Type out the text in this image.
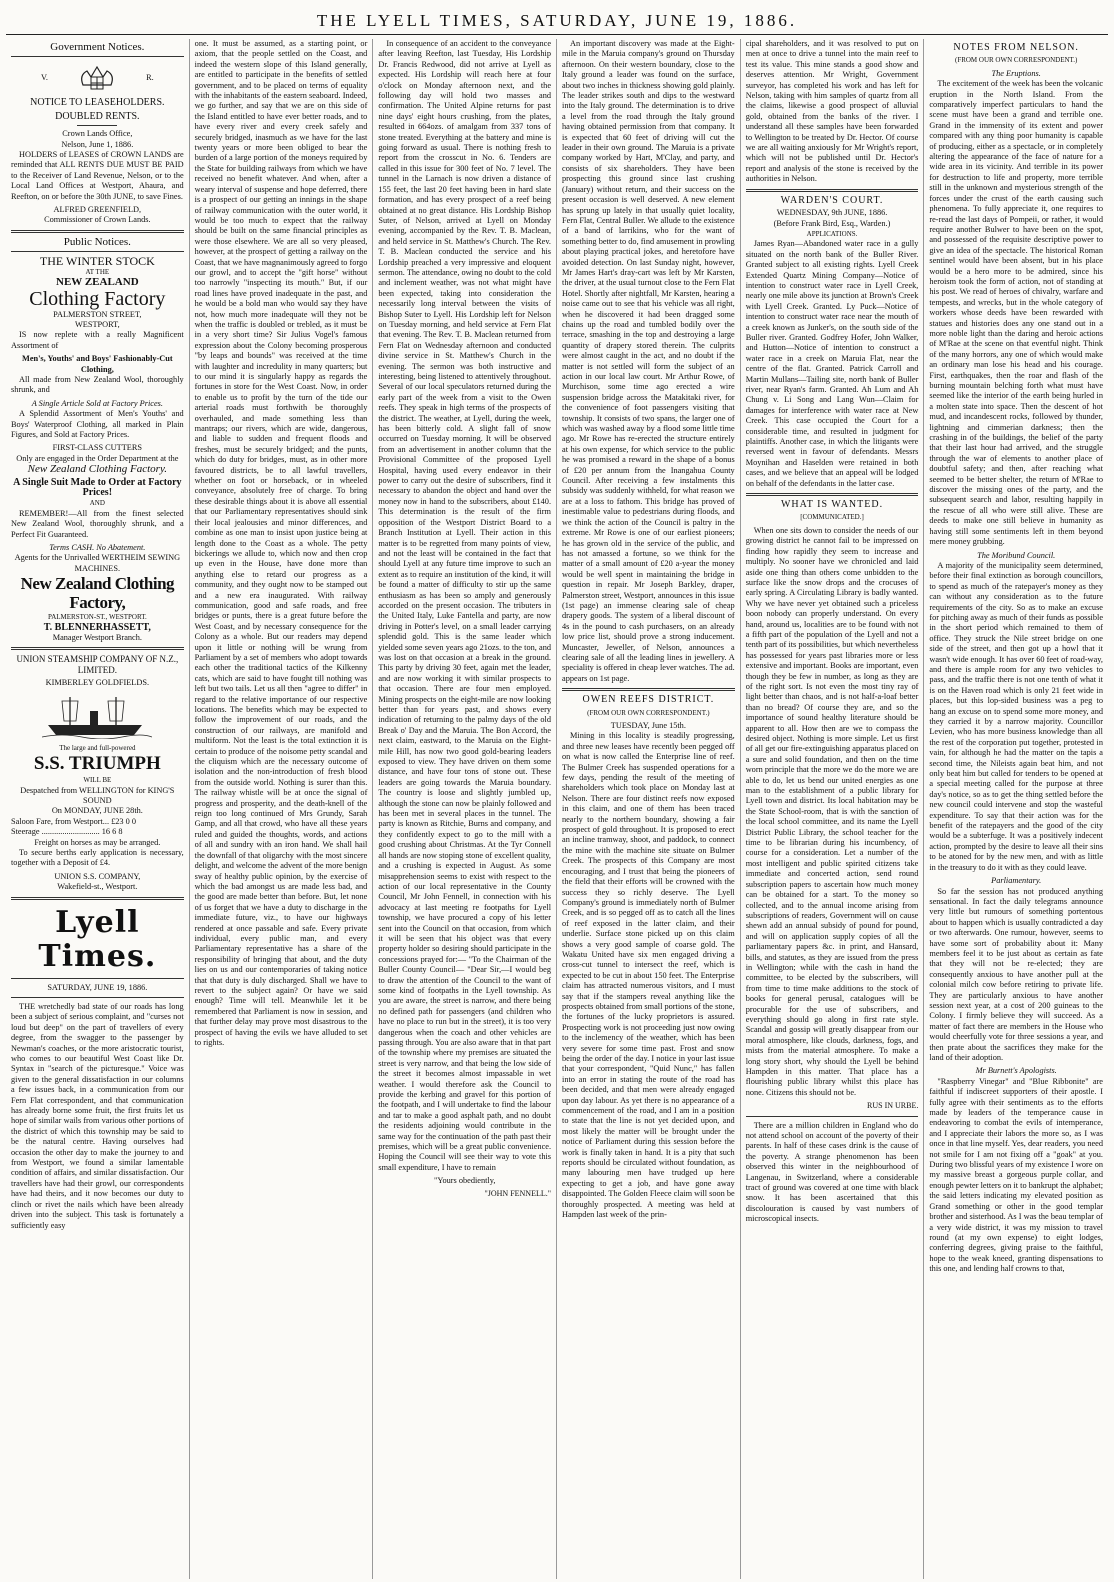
THE LYELL TIMES, SATURDAY, JUNE 19, 1886.
Government Notices.
V.	R.
NOTICE TO LEASEHOLDERS.
DOUBLED RENTS.
Crown Lands Office,
Nelson, June 1, 1886.

HOLDERS of LEASES of CROWN LANDS are reminded that ALL RENTS DUE MUST BE PAID to the Receiver of Land Revenue, Nelson, or to the Local Land Offices at Westport, Ahaura, and Reefton, on or before the 30th JUNE, to save Fines.

ALFRED GREENFIELD,
Commissioner of Crown Lands.
Public Notices.
THE WINTER STOCK
AT THE
NEW ZEALAND
Clothing Factory
PALMERSTON STREET,
WESTPORT,

IS now replete with a really Magnificent Assortment of

Men's, Youths' and Boys' Fashionably-Cut Clothing,

All made from New Zealand Wool, thoroughly shrunk, and

A Single Article Sold at Factory Prices.

A Splendid Assortment of Men's Youths' and Boys' Waterproof Clothing, all marked in Plain Figures, and Sold at Factory Prices.

FIRST-CLASS CUTTERS
Only are engaged in the Order Department at the
New Zealand Clothing Factory.
A Single Suit Made to Order at Factory Prices!
AND

REMEMBER!—All from the finest selected New Zealand Wool, thoroughly shrunk, and a Perfect Fit Guaranteed.

Terms CASH. No Abatement.
Agents for the Unrivalled WERTHEIM SEWING MACHINES.
New Zealand Clothing Factory,
PALMERSTON-ST., WESTPORT.
T. BLENNERHASSETT,
Manager Westport Branch.
UNION STEAMSHIP COMPANY OF N.Z., LIMITED.
KIMBERLEY GOLDFIELDS.
The large and full-powered
S.S. TRIUMPH
WILL BE
Despatched from WELLINGTON for KING'S SOUND
On MONDAY, JUNE 28th.
Saloon Fare, from Westport... £23 0 0
Steerage ............................ 16 6 8
Freight on horses as may be arranged.

To secure berths early application is necessary, together with a Deposit of £4.

UNION S.S. COMPANY,
Wakefield-st., Westport.
Lyell Times.
SATURDAY, JUNE 19, 1886.

THE wretchedly bad state of our roads has long been a subject of serious complaint, and "curses not loud but deep" on the part of travellers of every degree, from the swagger to the passenger by Newman's coaches, or the more aristocratic tourist, who comes to our beautiful West Coast like Dr. Syntax in "search of the picturesque." Voice was given to the general dissatisfaction in our columns a few issues back, in a communication from our Fern Flat correspondent, and that communication has already borne some fruit, the first fruits let us hope of similar wails from various other portions of the district of which this township may be said to be the natural centre. Having ourselves had occasion the other day to make the journey to and from Westport, we found a similar lamentable condition of affairs, and similar dissatisfaction. Our travellers have had their growl, our correspondents have had theirs, and it now becomes our duty to clinch or rivet the nails which have been already driven into the subject. This task is fortunately a sufficiently easy

one. It must be assumed, as a starting point, or axiom, that the people settled on the Coast, and indeed the western slope of this Island generally, are entitled to participate in the benefits of settled government, and to be placed on terms of equality with the inhabitants of the eastern seaboard. Indeed, we go further, and say that we are on this side of the Island entitled to have ever better roads, and to have every river and every creek safely and securely bridged, inasmuch as we have for the last twenty years or more been obliged to bear the burden of a large portion of the moneys required by the State for building railways from which we have received no benefit whatever. And when, after a weary interval of suspense and hope deferred, there is a prospect of our getting an innings in the shape of railway communication with the outer world, it would be too much to expect that the railway should be built on the same financial principles as were those elsewhere. We are all so very pleased, however, at the prospect of getting a railway on the Coast, that we have magnanimously agreed to forgo our growl, and to accept the "gift horse" without too narrowly "inspecting its mouth." But, if our road lines have proved inadequate in the past, and he would be a bold man who would say they have not, how much more inadequate will they not be when the traffic is doubled or trebled, as it must be in a very short time? Sir Julius Vogel's famous expression about the Colony becoming prosperous "by leaps and bounds" was received at the time with laughter and incredulity in many quarters; but to our mind it is singularly happy as regards the fortunes in store for the West Coast. Now, in order to enable us to profit by the turn of the tide our arterial roads must forthwith be thoroughly overhauled, and made something less than mantraps; our rivers, which are wide, dangerous, and liable to sudden and frequent floods and freshes, must be securely bridged; and the punts, which do duty for bridges, must, as in other more favoured districts, be to all lawful travellers, whether on foot or horseback, or in wheeled conveyance, absolutely free of charge. To bring these desirable things about it is above all essential that our Parliamentary representatives should sink their local jealousies and minor differences, and combine as one man to insist upon justice being at length done to the Coast as a whole. The petty bickerings we allude to, which now and then crop up even in the House, have done more than anything else to retard our progress as a community, and they ought now to be stamped out and a new era inaugurated. With railway communication, good and safe roads, and free bridges or punts, there is a great future before the West Coast, and by necessary consequence for the Colony as a whole. But our readers may depend upon it little or nothing will be wrung from Parliament by a set of members who adopt towards each other the traditional tactics of the Kilkenny cats, which are said to have fought till nothing was left but two tails. Let us all then "agree to differ" in regard to the relative importance of our respective locations. The benefits which may be expected to follow the improvement of our roads, and the construction of our railways, are manifold and multiform. Not the least is the total extinction it is certain to produce of the noisome petty scandal and the cliquism which are the necessary outcome of isolation and the non-introduction of fresh blood from the outside world. Nothing is surer than this. The railway whistle will be at once the signal of progress and prosperity, and the death-knell of the reign too long continued of Mrs Grundy, Sarah Gamp, and all that crowd, who have all these years ruled and guided the thoughts, words, and actions of all and sundry with an iron hand. We shall hail the downfall of that oligarchy with the most sincere delight, and welcome the advent of the more benign sway of healthy public opinion, by the exercise of which the bad amongst us are made less bad, and the good are made better than before. But, let none of us forget that we have a duty to discharge in the immediate future, viz., to have our highways rendered at once passable and safe. Every private individual, every public man, and every Parliamentary representative has a share of the responsibility of bringing that about, and the duty lies on us and our contemporaries of taking notice that that duty is duly discharged. Shall we have to revert to the subject again? Or have we said enough? Time will tell. Meanwhile let it be remembered that Parliament is now in session, and that further delay may prove most disastrous to the prospect of having the evils we have alluded to set to rights.

In consequence of an accident to the conveyance after leaving Reefton, last Tuesday, His Lordship Dr. Francis Redwood, did not arrive at Lyell as expected. His Lordship will reach here at four o'clock on Monday afternoon next, and the following day will hold two masses and confirmation. The United Alpine returns for past nine days' eight hours crushing, from the plates, resulted in 664ozs. of amalgam from 337 tons of stone treated. Everything at the battery and mine is going forward as usual. There is nothing fresh to report from the crosscut in No. 6. Tenders are called in this issue for 300 feet of No. 7 level. The tunnel in the Larnach is now driven a distance of 155 feet, the last 20 feet having been in hard slate formation, and has every prospect of a reef being obtained at no great distance. His Lordship Bishop Suter, of Nelson, arrived at Lyell on Monday evening, accompanied by the Rev. T. B. Maclean, and held service in St. Matthew's Church. The Rev. T. B. Maclean conducted the service and his Lordship preached a very impressive and eloquent sermon. The attendance, owing no doubt to the cold and inclement weather, was not what might have been expected, taking into consideration the necessarily long interval between the visits of Bishop Suter to Lyell. His Lordship left for Nelson on Tuesday morning, and held service at Fern Flat that evening. The Rev. T. B. Maclean returned from Fern Flat on Wednesday afternoon and conducted divine service in St. Matthew's Church in the evening. The sermon was both instructive and interesting, being listened to attentively throughout. Several of our local speculators returned during the early part of the week from a visit to the Owen reefs. They speak in high terms of the prospects of the district. The weather, at Lyell, during the week, has been bitterly cold. A slight fall of snow occurred on Tuesday morning. It will be observed from an advertisement in another column that the Provisional Committee of the proposed Lyell Hospital, having used every endeavor in their power to carry out the desire of subscribers, find it necessary to abandon the object and hand over the money now in hand to the subscribers, about £140. This determination is the result of the firm opposition of the Westport District Board to a Branch Institution at Lyell. Their action in this matter is to be regretted from many points of view, and not the least will be contained in the fact that should Lyell at any future time improve to such an extent as to require an institution of the kind, it will be found a matter of difficulty to stir up the same enthusiasm as has been so amply and generously accorded on the present occasion. The tributers in the United Italy, Luke Fantella and party, are now driving in Potter's level, on a small leader carrying splendid gold. This is the same leader which yielded some seven years ago 21ozs. to the ton, and was lost on that occasion at a break in the ground. This party by driving 30 feet, again met the leader, and are now working it with similar prospects to that occasion. There are four men employed. Mining prospects on the eight-mile are now looking better than for years past, and shows every indication of returning to the palmy days of the old Break o' Day and the Maruia. The Bon Accord, the next claim, eastward, to the Maruia on the Eight-mile Hill, has now two good gold-bearing leaders exposed to view. They have driven on them some distance, and have four tons of stone out. These leaders are going towards the Maruia boundary. The country is loose and slightly jumbled up, although the stone can now be plainly followed and has been met in several places in the tunnel. The party is known as Ritchie, Burns and company, and they confidently expect to go to the mill with a good crushing about Christmas. At the Tyr Connell all hands are now stoping stone of excellent quality, and a crushing is expected in August. As some misapprehension seems to exist with respect to the action of our local representative in the County Council, Mr John Fennell, in connection with his advocacy at last meeting re footpaths for Lyell township, we have procured a copy of his letter sent into the Council on that occasion, from which it will be seen that his object was that every property holder so desiring should participate in the concessions prayed for:— "To the Chairman of the Buller County Council— "Dear Sir,—I would beg to draw the attention of the Council to the want of some kind of footpaths in the Lyell township. As you are aware, the street is narrow, and there being no defined path for passengers (and children who have no place to run but in the street), it is too very dangerous when the coach and other vehicles are passing through. You are also aware that in that part of the township where my premises are situated the street is very narrow, and that being the low side of the street it becomes almost impassable in wet weather. I would therefore ask the Council to provide the kerbing and gravel for this portion of the footpath, and I will undertake to find the labour and tar to make a good asphalt path, and no doubt the residents adjoining would contribute in the same way for the continuation of the path past their premises, which will be a great public convenience. Hoping the Council will see their way to vote this small expenditure, I have to remain

"Yours obediently,
"JOHN FENNELL."

An important discovery was made at the Eight-mile in the Maruia company's ground on Thursday afternoon. On their western boundary, close to the Italy ground a leader was found on the surface, about two inches in thickness showing gold plainly. The leader strikes south and dips to the westward into the Italy ground. The determination is to drive a level from the road through the Italy ground having obtained permission from that company. It is expected that 60 feet of driving will cut the leader in their own ground. The Maruia is a private company worked by Hart, M'Clay, and party, and consists of six shareholders. They have been prospecting this ground since last crushing (January) without return, and their success on the present occasion is well deserved. A new element has sprung up lately in that usually quiet locality, Fern Flat, Central Buller. We allude to the existence of a band of larrikins, who for the want of something better to do, find amusement in prowling about playing practical jokes, and heretofore have avoided detection. On last Sunday night, however, Mr James Hart's dray-cart was left by Mr Karsten, the driver, at the usual turnout close to the Fern Flat Hotel. Shortly after nightfall, Mr Karsten, hearing a noise came out to see that his vehicle was all right, when he discovered it had been dragged some chains up the road and tumbled bodily over the terrace, smashing in the top and destroying a large quantity of drapery stored therein. The culprits were almost caught in the act, and no doubt if the matter is not settled will form the subject of an action in our local law court. Mr Arthur Rowe, of Murchison, some time ago erected a wire suspension bridge across the Matakitaki river, for the convenience of foot passengers visiting that township. It consists of two spans, the larger one of which was washed away by a flood some little time ago. Mr Rowe has re-erected the structure entirely at his own expense, for which service to the public he was promised a reward in the shape of a bonus of £20 per annum from the Inangahua County Council. After receiving a few instalments this subsidy was suddenly withheld, for what reason we are at a loss to fathom. This bridge has proved of inestimable value to pedestrians during floods, and we think the action of the Council is paltry in the extreme. Mr Rowe is one of our earliest pioneers; he has grown old in the service of the public, and has not amassed a fortune, so we think for the matter of a small amount of £20 a-year the money would be well spent in maintaining the bridge in question in repair. Mr Joseph Barkley, draper, Palmerston street, Westport, announces in this issue (1st page) an immense clearing sale of cheap drapery goods. The system of a liberal discount of 4s in the pound to cash purchasers, on an already low price list, should prove a strong inducement. Muncaster, Jeweller, of Nelson, announces a clearing sale of all the leading lines in jewellery. A speciality is offered in cheap lever watches. The ad. appears on 1st page.

OWEN REEFS DISTRICT.
(FROM OUR OWN CORRESPONDENT.)
TUESDAY, June 15th.

Mining in this locality is steadily progressing, and three new leases have recently been pegged off on what is now called the Enterprise line of reef. The Bulmer Creek has suspended operations for a few days, pending the result of the meeting of shareholders which took place on Monday last at Nelson. There are four distinct reefs now exposed in this claim, and one of them has been traced nearly to the northern boundary, showing a fair prospect of gold throughout. It is proposed to erect an incline tramway, shoot, and paddock, to connect the mine with the machine site situate on Bulmer Creek. The prospects of this Company are most encouraging, and I trust that being the pioneers of the field that their efforts will be crowned with the success they so richly deserve. The Lyell Company's ground is immediately north of Bulmer Creek, and is so pegged off as to catch all the lines of reef exposed in the latter claim, and their underlie. Surface stone picked up on this claim shows a very good sample of coarse gold. The Wakatu United have six men engaged driving a cross-cut tunnel to intersect the reef, which is expected to be cut in about 150 feet. The Enterprise claim has attracted numerous visitors, and I must say that if the stampers reveal anything like the prospects obtained from small portions of the stone, the fortunes of the lucky proprietors is assured. Prospecting work is not proceeding just now owing to the inclemency of the weather, which has been very severe for some time past. Frost and snow being the order of the day. I notice in your last issue that your correspondent, "Quid Nunc," has fallen into an error in stating the route of the road has been decided, and that men were already engaged upon day labour. As yet there is no appearance of a commencement of the road, and I am in a position to state that the line is not yet decided upon, and most likely the matter will be brought under the notice of Parliament during this session before the work is finally taken in hand. It is a pity that such reports should be circulated without foundation, as many labouring men have trudged up here expecting to get a job, and have gone away disappointed. The Golden Fleece claim will soon be thoroughly prospected. A meeting was held at Hampden last week of the prin-

cipal shareholders, and it was resolved to put on men at once to drive a tunnel into the main reef to test its value. This mine stands a good show and deserves attention. Mr Wright, Government surveyor, has completed his work and has left for Nelson, taking with him samples of quartz from all the claims, likewise a good prospect of alluvial gold, obtained from the banks of the river. I understand all these samples have been forwarded to Wellington to be treated by Dr. Hector. Of course we are all waiting anxiously for Mr Wright's report, which will not be published until Dr. Hector's report and analysis of the stone is received by the authorities in Nelson.

WARDEN'S COURT.
WEDNESDAY, 9th JUNE, 1886.
(Before Frank Bird, Esq., Warden.)
APPLICATIONS.

James Ryan—Abandoned water race in a gully situated on the north bank of the Buller River. Granted subject to all existing rights. Lyell Creek Extended Quartz Mining Company—Notice of intention to construct water race in Lyell Creek, nearly one mile above its junction at Brown's Creek with Lyell Creek. Granted. Ly Puck—Notice of intention to construct water race near the mouth of a creek known as Junker's, on the south side of the Buller river. Granted. Godfrey Hofer, John Walker, and Hutton—Notice of intention to construct a water race in a creek on Maruia Flat, near the centre of the flat. Granted. Patrick Carroll and Martin Mullans—Tailing site, north bank of Buller river, near Ryan's farm. Granted. Ah Lum and Ah Chung v. Li Song and Lang Wun—Claim for damages for interference with water race at New Creek. This case occupied the Court for a considerable time, and resulted in judgment for plaintiffs. Another case, in which the litigants were reversed went in favour of defendants. Messrs Moynihan and Haselden were retained in both cases, and we believe that an appeal will be lodged on behalf of the defendants in the latter case.

WHAT IS WANTED.
[COMMUNICATED.]

When one sits down to consider the needs of our growing district he cannot fail to be impressed on finding how rapidly they seem to increase and multiply. No sooner have we chronicled and laid aside one thing than others come unbidden to the surface like the snow drops and the crocuses of early spring. A Circulating Library is badly wanted. Why we have never yet obtained such a priceless boon nobody can properly understand. On every hand, around us, localities are to be found with not a fifth part of the population of the Lyell and not a tenth part of its possibilities, but which nevertheless has possessed for years past libraries more or less extensive and important. Books are important, even though they be few in number, as long as they are of the right sort. Is not even the most tiny ray of light better than chaos, and is not half-a-loaf better than no bread? Of course they are, and so the importance of sound healthy literature should be apparent to all. How then are we to compass the desired object. Nothing is more simple. Let us first of all get our fire-extinguishing apparatus placed on a sure and solid foundation, and then on the time worn principle that the more we do the more we are able to do, let us bend our united energies as one man to the establishment of a public library for Lyell town and district. Its local habitation may be the State School-room, that is with the sanction of the local school committee, and its name the Lyell District Public Library, the school teacher for the time to be librarian during his incumbency, of course for a consideration. Let a number of the most intelligent and public spirited citizens take immediate and concerted action, send round subscription papers to ascertain how much money can be obtained for a start. To the money so collected, and to the annual income arising from subscriptions of readers, Government will on cause shewn add an annual subsidy of pound for pound, and will on application supply copies of all the parliamentary papers &c. in print, and Hansard, bills, and statutes, as they are issued from the press in Wellington; while with the cash in hand the committee, to be elected by the subscribers, will from time to time make additions to the stock of books for general perusal, catalogues will be procurable for the use of subscribers, and everything should go along in first rate style. Scandal and gossip will greatly disappear from our moral atmosphere, like clouds, darkness, fogs, and mists from the material atmosphere. To make a long story short, why should the Lyell be behind Hampden in this matter. That place has a flourishing public library whilst this place has none. Citizens this should not be.

RUS IN URBE.

There are a million children in England who do not attend school on account of the poverty of their parents. In half of these cases drink is the cause of the poverty. A strange phenomenon has been observed this winter in the neighbourhood of Langenau, in Switzerland, where a considerable tract of ground was covered at one time with black snow. It has been ascertained that this discolouration is caused by vast numbers of microscopical insects.

NOTES FROM NELSON.
(FROM OUR OWN CORRESPONDENT.)
The Eruptions.

The excitement of the week has been the volcanic eruption in the North Island. From the comparatively imperfect particulars to hand the scene must have been a grand and terrible one. Grand in the immensity of its extent and power compared with any thing poor humanity is capable of producing, either as a spectacle, or in completely altering the appearance of the face of nature for a wide area in its vicinity. And terrible in its power for destruction to life and property, more terrible still in the unknown and mysterious strength of the forces under the crust of the earth causing such phenomena. To fully appreciate it, one requires to re-read the last days of Pompeii, or rather, it would require another Bulwer to have been on the spot, and possessed of the requisite descriptive power to give an idea of the spectacle. The historical Roman sentinel would have been absent, but in his place would be a hero more to be admired, since his heroism took the form of action, not of standing at his post. We read of heroes of chivalry, warfare and tempests, and wrecks, but in the whole category of workers whose deeds have been rewarded with statues and histories does any one stand out in a more noble light than the daring and heroic actions of M'Rae at the scene on that eventful night. Think of the many horrors, any one of which would make an ordinary man lose his head and his courage. First, earthquakes, then the roar and flash of the burning mountain belching forth what must have seemed like the interior of the earth being hurled in a molten state into space. Then the descent of hot mud, and incandescent rocks, followed by thunder, lightning and cimmerian darkness; then the crashing in of the buildings, the belief of the party that their last hour had arrived, and the struggle through the war of elements to another place of doubtful safety; and then, after reaching what seemed to be better shelter, the return of M'Rae to discover the missing ones of the party, and the subsequent search and labor, resulting happily in the rescue of all who were still alive. These are deeds to make one still believe in humanity as having still some sentiments left in them beyond mere money grubbing.

The Moribund Council.

A majority of the municipality seem determined, before their final extinction as borough councillors, to spend as much of the ratepayer's money as they can without any consideration as to the future requirements of the city. So as to make an excuse for pitching away as much of their funds as possible in the short period which remained to them of office. They struck the Nile street bridge on one side of the street, and then got up a howl that it wasn't wide enough. It has over 60 feet of road-way, and there is ample room for any two vehicles to pass, and the traffic there is not one tenth of what it is on the Haven road which is only 21 feet wide in places, but this lop-sided business was a peg to hang an excuse on to spend some more money, and they carried it by a narrow majority. Councillor Levien, who has more business knowledge than all the rest of the corporation put together, protested in vain, for although he had the matter on the tapis a second time, the Nileists again beat him, and not only beat him but called for tenders to be opened at a special meeting called for the purpose at three day's notice, so as to get the thing settled before the new council could intervene and stop the wasteful expenditure. To say that their action was for the benefit of the ratepayers and the good of the city would be a subterfuge. It was a positively indecent action, prompted by the desire to leave all their sins to be atoned for by the new men, and with as little in the treasury to do it with as they could leave.

Parliamentary.

So far the session has not produced anything sensational. In fact the daily telegrams announce very little but rumours of something portentous about to happen which is usually contradicted a day or two afterwards. One rumour, however, seems to have some sort of probability about it: Many members feel it to be just about as certain as fate that they will not be re-elected; they are consequently anxious to have another pull at the colonial milch cow before retiring to private life. They are particularly anxious to have another session next year, at a cost of 200 guineas to the Colony. I firmly believe they will succeed. As a matter of fact there are members in the House who would cheerfully vote for three sessions a year, and then prate about the sacrifices they make for the land of their adoption.

Mr Burnett's Apologists.

"Raspberry Vinegar" and "Blue Ribbonite" are faithful if indiscreet supporters of their apostle. I fully agree with their sentiments as to the efforts made by leaders of the temperance cause in endeavoring to combat the evils of intemperance, and I appreciate their labors the more so, as I was once in that line myself. Yes, dear readers, you need not smile for I am not fixing off a "goak" at you. During two blissful years of my existence I wore on my massive breast a gorgeous purple collar, and enough pewter letters on it to bankrupt the alphabet; the said letters indicating my elevated position as Grand something or other in the good templar brother and sisterhood. As I was the beau templar of a very wide district, it was my mission to travel round (at my own expense) to eight lodges, conferring degrees, giving praise to the faithful, hope to the weak kneed, granting dispensations to this one, and lending half crowns to that,
